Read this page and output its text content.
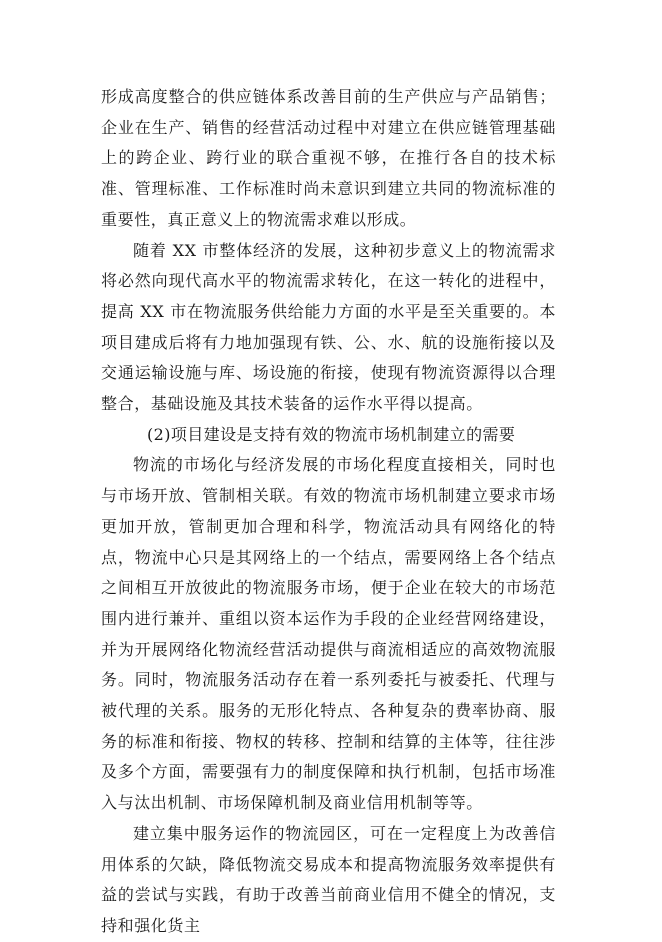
形成高度整合的供应链体系改善目前的生产供应与产品销售；企业在生产、销售的经营活动过程中对建立在供应链管理基础上的跨企业、跨行业的联合重视不够，在推行各自的技术标准、管理标准、工作标准时尚未意识到建立共同的物流标准的重要性，真正意义上的物流需求难以形成。

随着 XX 市整体经济的发展，这种初步意义上的物流需求将必然向现代高水平的物流需求转化，在这一转化的进程中，提高 XX 市在物流服务供给能力方面的水平是至关重要的。本项目建成后将有力地加强现有铁、公、水、航的设施衔接以及交通运输设施与库、场设施的衔接，使现有物流资源得以合理整合，基础设施及其技术装备的运作水平得以提高。

(2)项目建设是支持有效的物流市场机制建立的需要

物流的市场化与经济发展的市场化程度直接相关，同时也与市场开放、管制相关联。有效的物流市场机制建立要求市场更加开放，管制更加合理和科学，物流活动具有网络化的特点，物流中心只是其网络上的一个结点，需要网络上各个结点之间相互开放彼此的物流服务市场，便于企业在较大的市场范围内进行兼并、重组以资本运作为手段的企业经营网络建设，并为开展网络化物流经营活动提供与商流相适应的高效物流服务。同时，物流服务活动存在着一系列委托与被委托、代理与被代理的关系。服务的无形化特点、各种复杂的费率协商、服务的标准和衔接、物权的转移、控制和结算的主体等，往往涉及多个方面，需要强有力的制度保障和执行机制，包括市场准入与汰出机制、市场保障机制及商业信用机制等等。

建立集中服务运作的物流园区，可在一定程度上为改善信用体系的欠缺，降低物流交易成本和提高物流服务效率提供有益的尝试与实践，有助于改善当前商业信用不健全的情况，支持和强化货主
